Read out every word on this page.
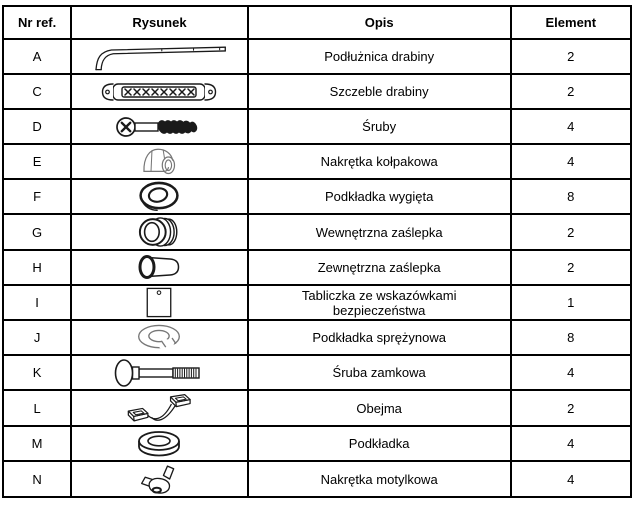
Nr ref.	Rysunek	Opis	Element
A		Podłużnica drabiny	2
C		Szczeble drabiny	2
D		Śruby	4
E		Nakrętka kołpakowa	4
F		Podkładka wygięta	8
G		Wewnętrzna zaślepka	2
H		Zewnętrzna zaślepka	2
I		Tabliczka ze wskazówkami bezpieczeństwa	1
J		Podkładka sprężynowa	8
K		Śruba zamkowa	4
L		Obejma	2
M		Podkładka	4
N		Nakrętka motylkowa	4
